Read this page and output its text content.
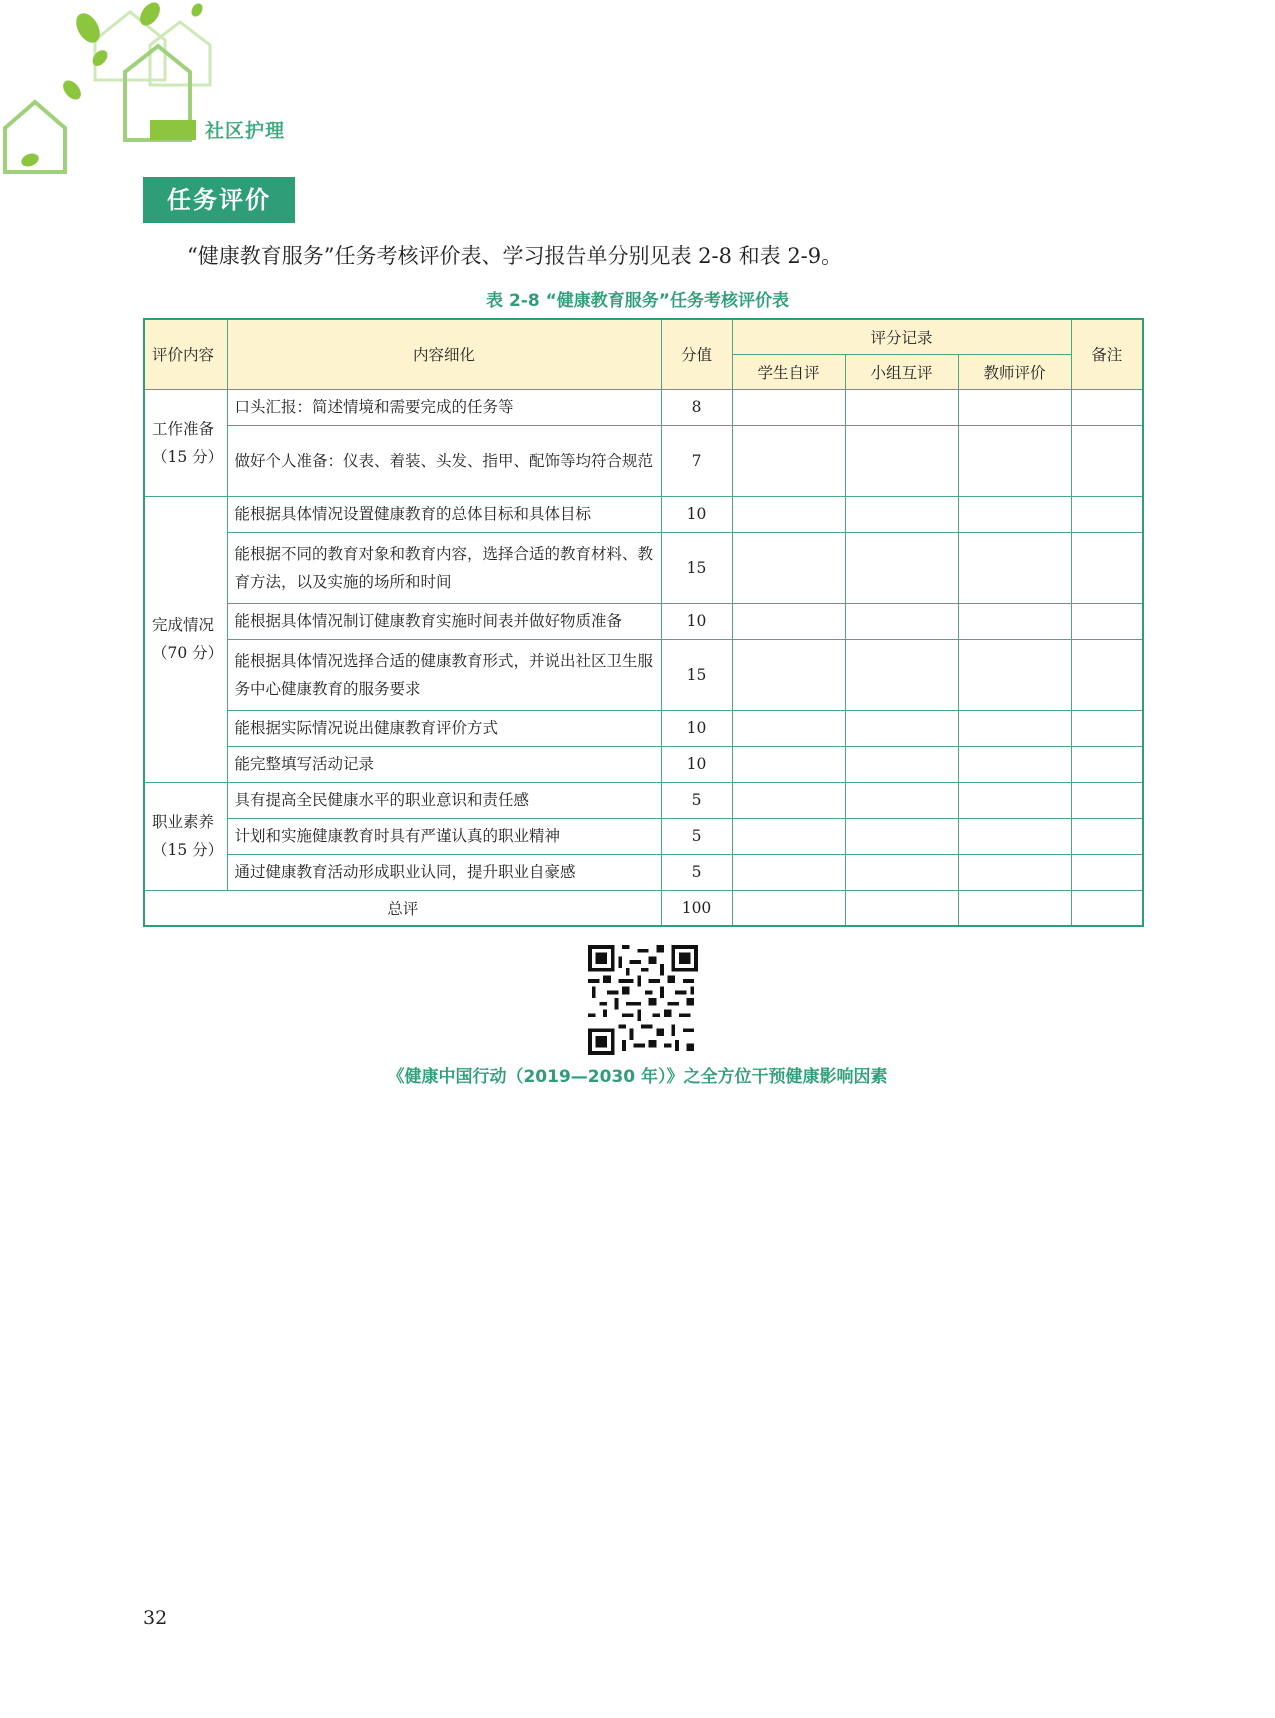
社区护理
任务评价
“健康教育服务”任务考核评价表、学习报告单分别见表 2-8 和表 2-9。
表 2-8 “健康教育服务”任务考核评价表
评价内容	内容细化	分值	评分记录			备注
			学生自评	小组互评	教师评价	

工作准备
（15 分）	口头汇报：简述情境和需要完成的任务等	8				
	做好个人准备：仪表、着装、头发、指甲、配饰等均符合规范	7				

完成情况
（70 分）	能根据具体情况设置健康教育的总体目标和具体目标	10				
	能根据不同的教育对象和教育内容，选择合适的教育材料、教育方法，以及实施的场所和时间	15				
	能根据具体情况制订健康教育实施时间表并做好物质准备	10				
	能根据具体情况选择合适的健康教育形式，并说出社区卫生服务中心健康教育的服务要求	15				
	能根据实际情况说出健康教育评价方式	10				
	能完整填写活动记录	10				

职业素养
（15 分）	具有提高全民健康水平的职业意识和责任感	5				
	计划和实施健康教育时具有严谨认真的职业精神	5				
	通过健康教育活动形成职业认同，提升职业自豪感	5				
总评		100				
《健康中国行动（2019—2030 年）》之全方位干预健康影响因素
32
